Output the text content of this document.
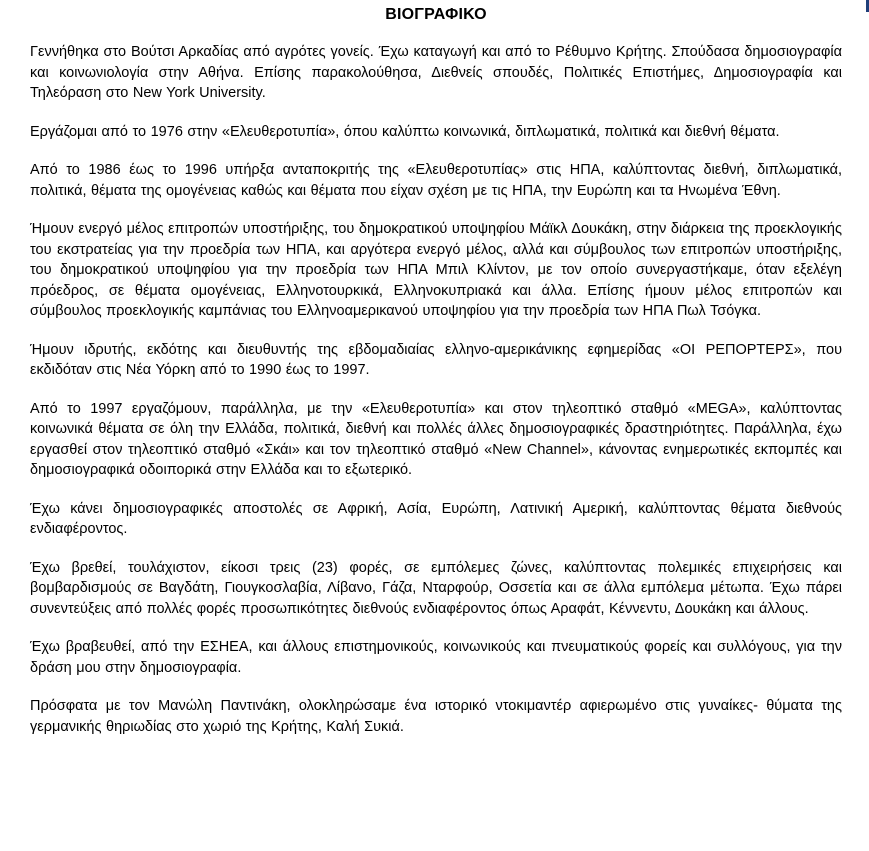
ΒΙΟΓΡΑΦΙΚΟ

Γεννήθηκα στο Βούτσι Αρκαδίας από αγρότες γονείς. Έχω καταγωγή και από το Ρέθυμνο Κρήτης. Σπούδασα δημοσιογραφία και κοινωνιολογία στην Αθήνα. Επίσης παρακολούθησα, Διεθνείς σπουδές, Πολιτικές Επιστήμες, Δημοσιογραφία και Τηλεόραση στο New York University.

Εργάζομαι από το 1976 στην «Ελευθεροτυπία», όπου καλύπτω κοινωνικά, διπλωματικά, πολιτικά και διεθνή θέματα.

Από το 1986 έως το 1996 υπήρξα ανταποκριτής της «Ελευθεροτυπίας» στις ΗΠΑ, καλύπτοντας διεθνή, διπλωματικά, πολιτικά, θέματα της ομογένειας καθώς και θέματα που είχαν σχέση με τις ΗΠΑ, την Ευρώπη και τα Ηνωμένα Έθνη.

Ήμουν ενεργό μέλος επιτροπών υποστήριξης, του δημοκρατικού υποψηφίου Μάϊκλ Δουκάκη, στην διάρκεια της προεκλογικής του εκστρατείας για την προεδρία των ΗΠΑ, και αργότερα ενεργό μέλος, αλλά και σύμβουλος των επιτροπών υποστήριξης, του δημοκρατικού υποψηφίου για την προεδρία των ΗΠΑ Μπιλ Κλίντον, με τον οποίο συνεργαστήκαμε, όταν εξελέγη πρόεδρος, σε θέματα ομογένειας, Ελληνοτουρκικά, Ελληνοκυπριακά και άλλα. Επίσης ήμουν μέλος επιτροπών και σύμβουλος προεκλογικής καμπάνιας του Ελληνοαμερικανού υποψηφίου για την προεδρία των ΗΠΑ Πωλ Τσόγκα.

Ήμουν ιδρυτής, εκδότης και διευθυντής της εβδομαδιαίας ελληνο-αμερικάνικης εφημερίδας «ΟΙ ΡΕΠΟΡΤΕΡΣ», που εκδιδόταν στις Νέα Υόρκη από το 1990 έως το 1997.

Από το 1997 εργαζόμουν, παράλληλα, με την «Ελευθεροτυπία» και στον τηλεοπτικό σταθμό «MEGA», καλύπτοντας κοινωνικά θέματα σε όλη την Ελλάδα, πολιτικά, διεθνή και πολλές άλλες δημοσιογραφικές δραστηριότητες. Παράλληλα, έχω εργασθεί στον τηλεοπτικό σταθμό «Σκάι» και τον τηλεοπτικό σταθμό «New Channel», κάνοντας ενημερωτικές εκπομπές και δημοσιογραφικά οδοιπορικά στην Ελλάδα και το εξωτερικό.

Έχω κάνει δημοσιογραφικές αποστολές σε Αφρική, Ασία, Ευρώπη, Λατινική Αμερική, καλύπτοντας θέματα διεθνούς ενδιαφέροντος.

Έχω βρεθεί, τουλάχιστον, είκοσι τρεις (23) φορές, σε εμπόλεμες ζώνες, καλύπτοντας πολεμικές επιχειρήσεις και βομβαρδισμούς σε Βαγδάτη, Γιουγκοσλαβία, Λίβανο, Γάζα, Νταρφούρ, Οσσετία και σε άλλα εμπόλεμα μέτωπα. Έχω πάρει συνεντεύξεις από πολλές φορές προσωπικότητες διεθνούς ενδιαφέροντος όπως Αραφάτ, Κέννεντυ, Δουκάκη και άλλους.

Έχω βραβευθεί, από την ΕΣΗΕΑ, και άλλους επιστημονικούς, κοινωνικούς και πνευματικούς φορείς και συλλόγους, για την δράση μου στην δημοσιογραφία.

Πρόσφατα με τον Μανώλη Παντινάκη, ολοκληρώσαμε ένα ιστορικό ντοκιμαντέρ αφιερωμένο στις γυναίκες- θύματα της γερμανικής θηριωδίας στο χωριό της Κρήτης, Καλή Συκιά.
